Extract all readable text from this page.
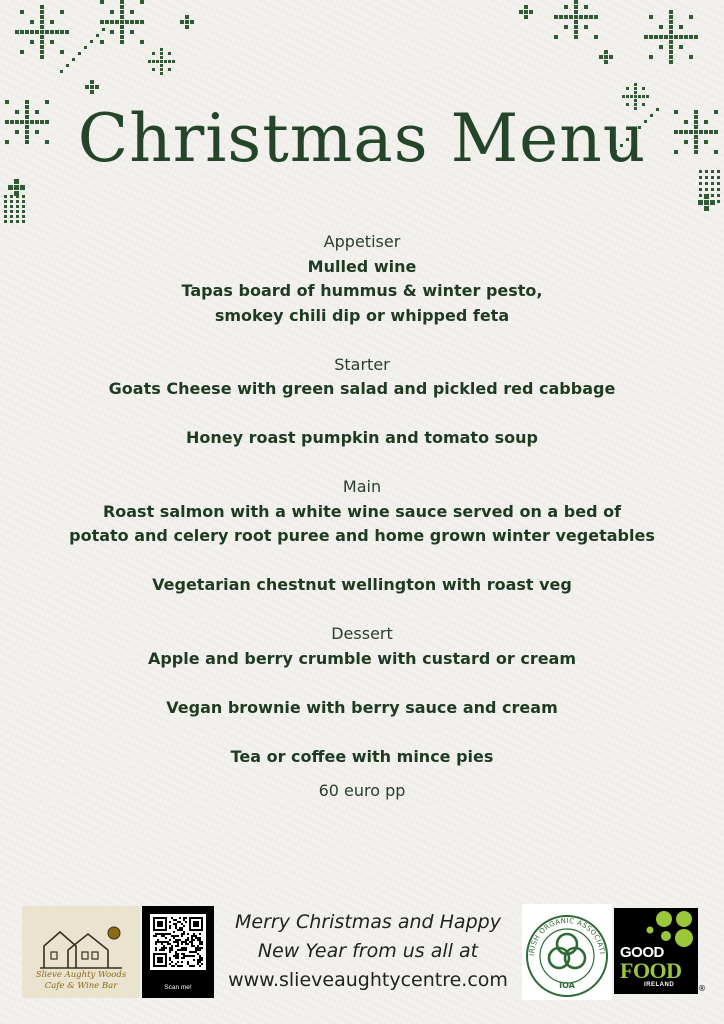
Christmas Menu
Appetiser
Mulled wine
Tapas board of hummus & winter pesto,
smokey chili dip or whipped feta
Starter
Goats Cheese with green salad and pickled red cabbage
Honey roast pumpkin and tomato soup
Main
Roast salmon with a white wine sauce served on a bed of
potato and celery root puree and home grown winter vegetables
Vegetarian chestnut wellington with roast veg
Dessert
Apple and berry crumble with custard or cream
Vegan brownie with berry sauce and cream
Tea or coffee with mince pies
60 euro pp
Slieve Aughty Woods
Cafe & Wine Bar	Scan me!
Merry Christmas and Happy
New Year from us all at
www.slieveaughtycentre.com
IRISH ORGANIC ASSOCIATI
IOA
GOOD
FOOD
IRELAND	®
